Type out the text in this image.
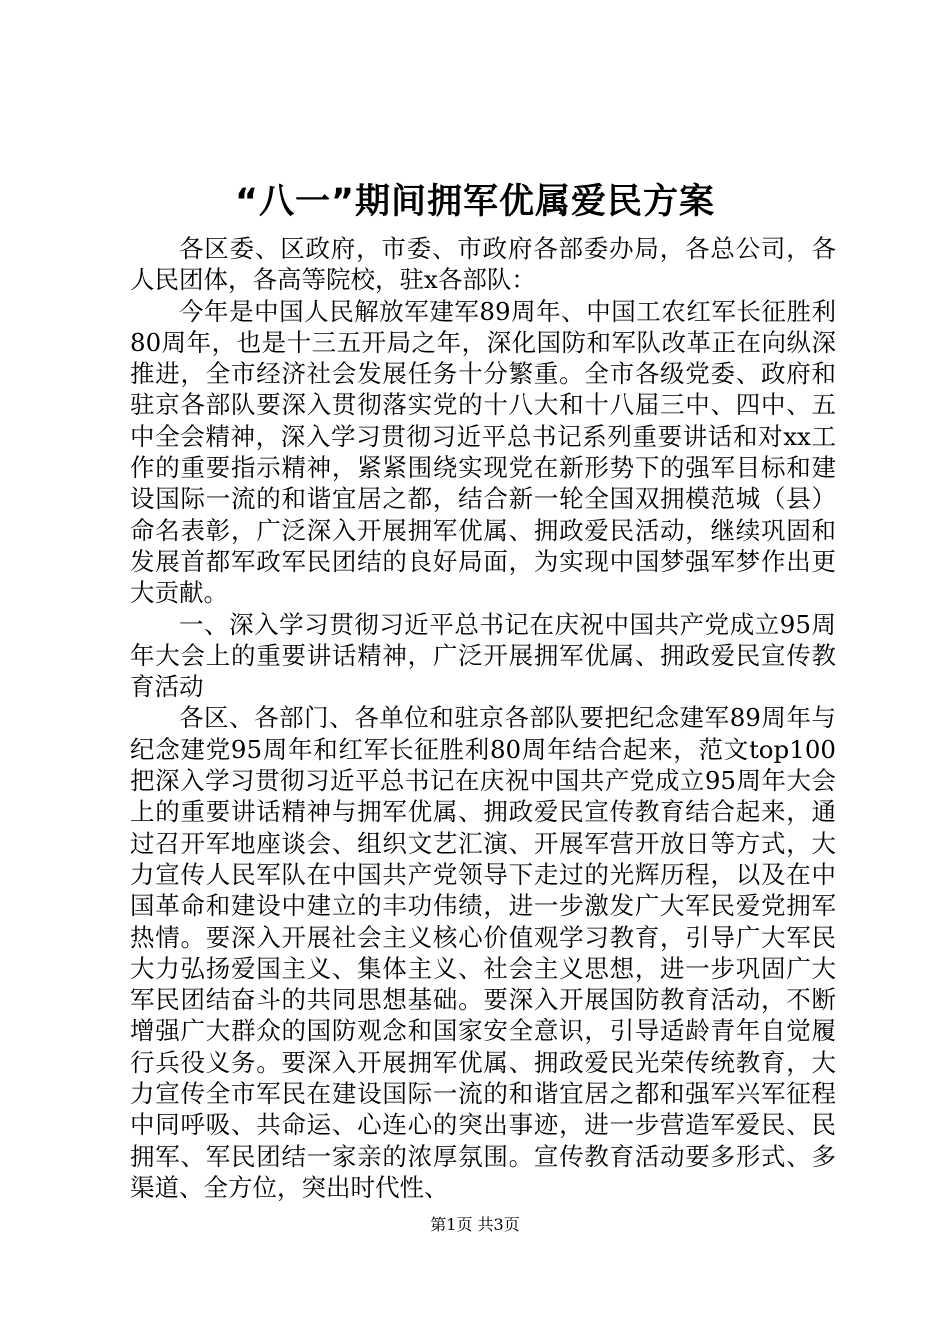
“八一”期间拥军优属爱民方案

各区委、区政府，市委、市政府各部委办局，各总公司，各人民团体，各高等院校，驻x各部队：

今年是中国人民解放军建军89周年、中国工农红军长征胜利80周年，也是十三五开局之年，深化国防和军队改革正在向纵深推进，全市经济社会发展任务十分繁重。全市各级党委、政府和驻京各部队要深入贯彻落实党的十八大和十八届三中、四中、五中全会精神，深入学习贯彻习近平总书记系列重要讲话和对xx工作的重要指示精神，紧紧围绕实现党在新形势下的强军目标和建设国际一流的和谐宜居之都，结合新一轮全国双拥模范城（县）命名表彰，广泛深入开展拥军优属、拥政爱民活动，继续巩固和发展首都军政军民团结的良好局面，为实现中国梦强军梦作出更大贡献。

一、深入学习贯彻习近平总书记在庆祝中国共产党成立95周年大会上的重要讲话精神，广泛开展拥军优属、拥政爱民宣传教育活动

各区、各部门、各单位和驻京各部队要把纪念建军89周年与纪念建党95周年和红军长征胜利80周年结合起来，范文top100把深入学习贯彻习近平总书记在庆祝中国共产党成立95周年大会上的重要讲话精神与拥军优属、拥政爱民宣传教育结合起来，通过召开军地座谈会、组织文艺汇演、开展军营开放日等方式，大力宣传人民军队在中国共产党领导下走过的光辉历程，以及在中国革命和建设中建立的丰功伟绩，进一步激发广大军民爱党拥军热情。要深入开展社会主义核心价值观学习教育，引导广大军民大力弘扬爱国主义、集体主义、社会主义思想，进一步巩固广大军民团结奋斗的共同思想基础。要深入开展国防教育活动，不断增强广大群众的国防观念和国家安全意识，引导适龄青年自觉履行兵役义务。要深入开展拥军优属、拥政爱民光荣传统教育，大力宣传全市军民在建设国际一流的和谐宜居之都和强军兴军征程中同呼吸、共命运、心连心的突出事迹，进一步营造军爱民、民拥军、军民团结一家亲的浓厚氛围。宣传教育活动要多形式、多渠道、全方位，突出时代性、

第1页 共3页
